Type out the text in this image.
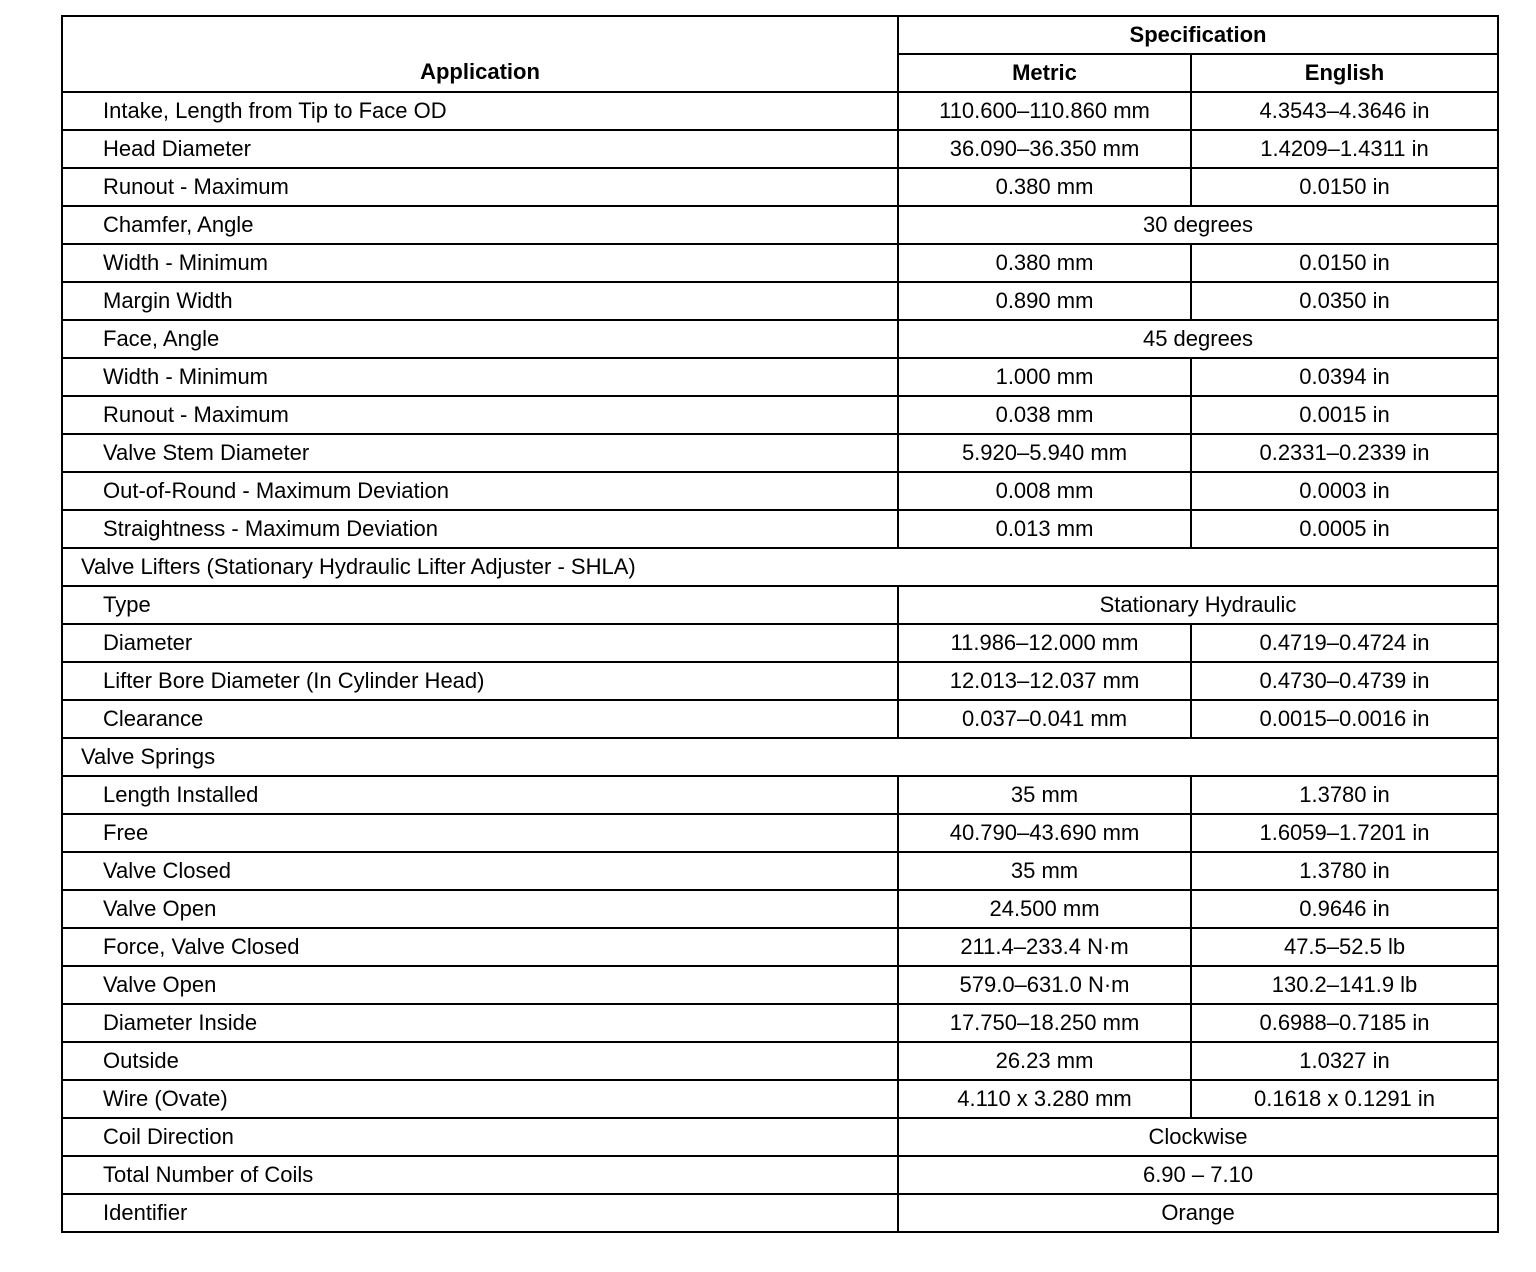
Application	Specification	
	Metric	English
Intake, Length from Tip to Face OD	110.600–110.860 mm	4.3543–4.3646 in
Head Diameter	36.090–36.350 mm	1.4209–1.4311 in
Runout - Maximum	0.380 mm	0.0150 in
Chamfer, Angle	30 degrees	
Width - Minimum	0.380 mm	0.0150 in
Margin Width	0.890 mm	0.0350 in
Face, Angle	45 degrees	
Width - Minimum	1.000 mm	0.0394 in
Runout - Maximum	0.038 mm	0.0015 in
Valve Stem Diameter	5.920–5.940 mm	0.2331–0.2339 in
Out-of-Round - Maximum Deviation	0.008 mm	0.0003 in
Straightness - Maximum Deviation	0.013 mm	0.0005 in
Valve Lifters (Stationary Hydraulic Lifter Adjuster - SHLA)		
Type	Stationary Hydraulic	
Diameter	11.986–12.000 mm	0.4719–0.4724 in
Lifter Bore Diameter (In Cylinder Head)	12.013–12.037 mm	0.4730–0.4739 in
Clearance	0.037–0.041 mm	0.0015–0.0016 in
Valve Springs		
Length Installed	35 mm	1.3780 in
Free	40.790–43.690 mm	1.6059–1.7201 in
Valve Closed	35 mm	1.3780 in
Valve Open	24.500 mm	0.9646 in
Force, Valve Closed	211.4–233.4 N·m	47.5–52.5 lb
Valve Open	579.0–631.0 N·m	130.2–141.9 lb
Diameter Inside	17.750–18.250 mm	0.6988–0.7185 in
Outside	26.23 mm	1.0327 in
Wire (Ovate)	4.110 x 3.280 mm	0.1618 x 0.1291 in
Coil Direction	Clockwise	
Total Number of Coils	6.90 – 7.10	
Identifier	Orange	
